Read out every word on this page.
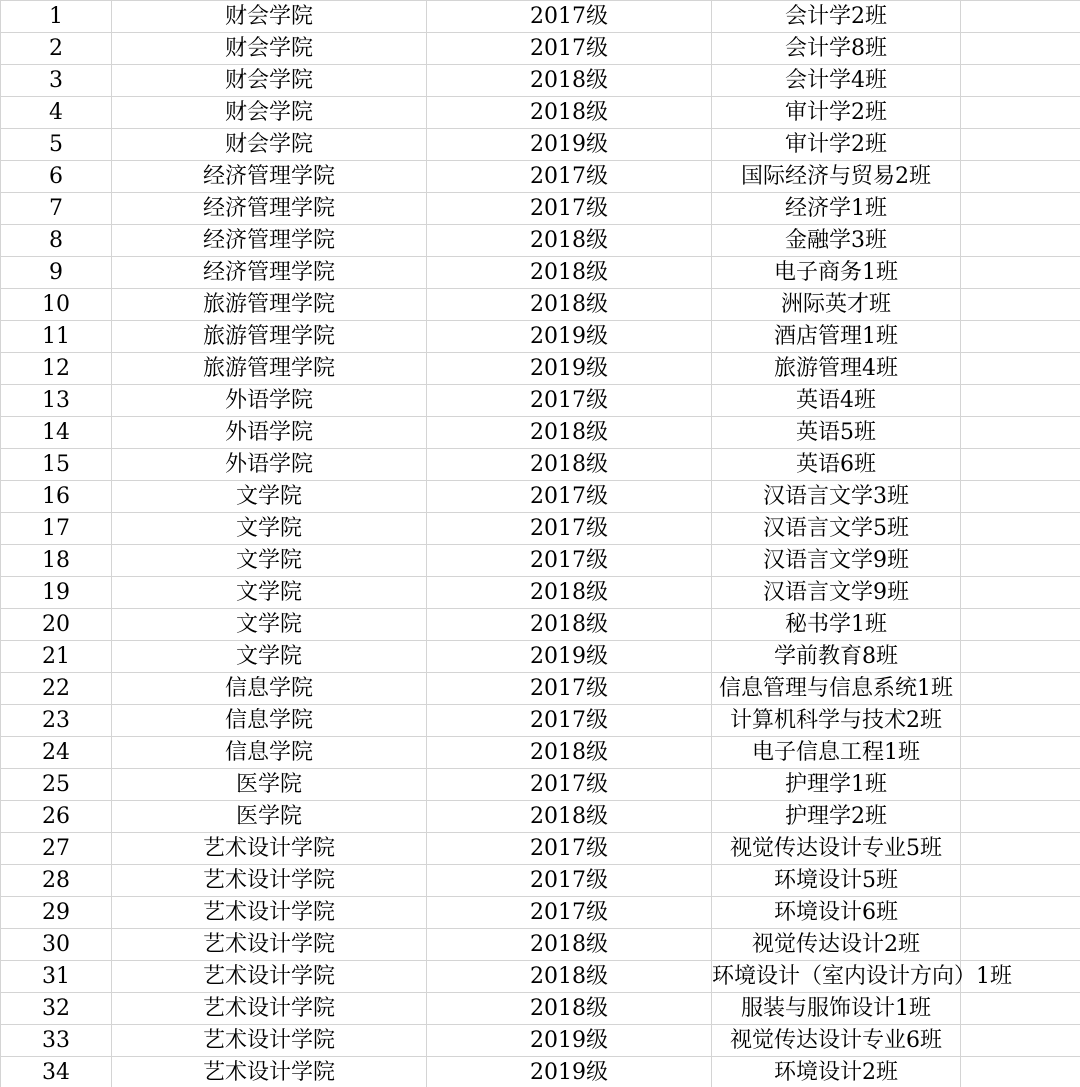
1	财会学院	2017级	会计学2班	
2	财会学院	2017级	会计学8班	
3	财会学院	2018级	会计学4班	
4	财会学院	2018级	审计学2班	
5	财会学院	2019级	审计学2班	
6	经济管理学院	2017级	国际经济与贸易2班	
7	经济管理学院	2017级	经济学1班	
8	经济管理学院	2018级	金融学3班	
9	经济管理学院	2018级	电子商务1班	
10	旅游管理学院	2018级	洲际英才班	
11	旅游管理学院	2019级	酒店管理1班	
12	旅游管理学院	2019级	旅游管理4班	
13	外语学院	2017级	英语4班	
14	外语学院	2018级	英语5班	
15	外语学院	2018级	英语6班	
16	文学院	2017级	汉语言文学3班	
17	文学院	2017级	汉语言文学5班	
18	文学院	2017级	汉语言文学9班	
19	文学院	2018级	汉语言文学9班	
20	文学院	2018级	秘书学1班	
21	文学院	2019级	学前教育8班	
22	信息学院	2017级	信息管理与信息系统1班	
23	信息学院	2017级	计算机科学与技术2班	
24	信息学院	2018级	电子信息工程1班	
25	医学院	2017级	护理学1班	
26	医学院	2018级	护理学2班	
27	艺术设计学院	2017级	视觉传达设计专业5班	
28	艺术设计学院	2017级	环境设计5班	
29	艺术设计学院	2017级	环境设计6班	
30	艺术设计学院	2018级	视觉传达设计2班	
31	艺术设计学院	2018级	环境设计（室内设计方向）1班	
32	艺术设计学院	2018级	服装与服饰设计1班	
33	艺术设计学院	2019级	视觉传达设计专业6班	
34	艺术设计学院	2019级	环境设计2班	
